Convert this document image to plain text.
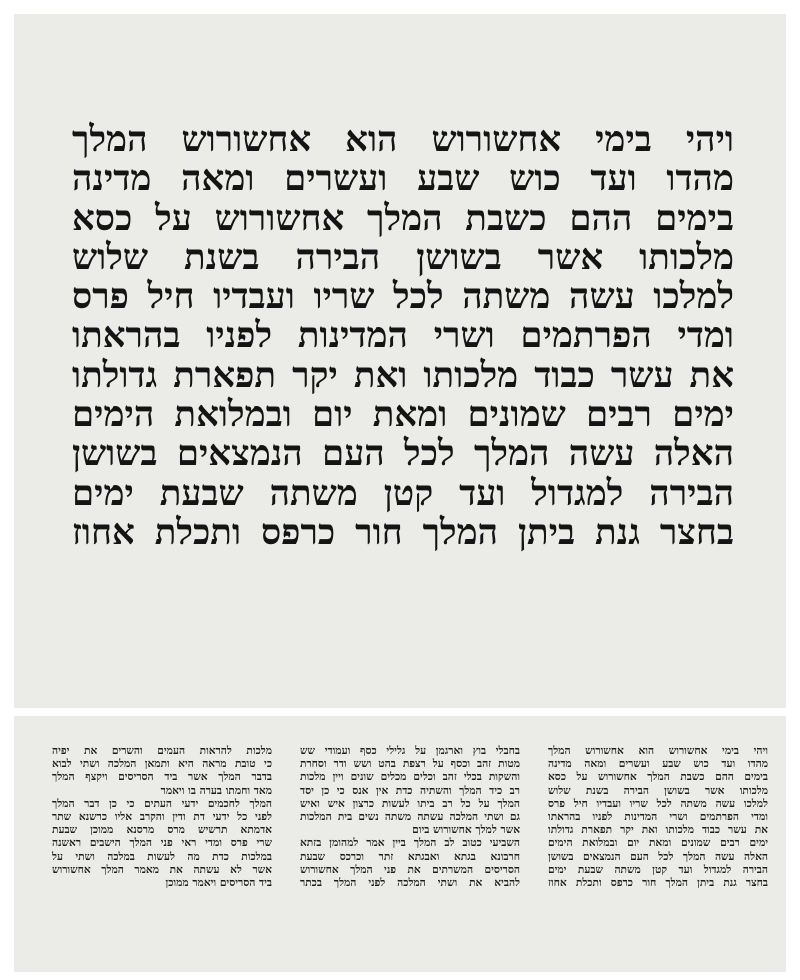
ויהי בימי אחשורוש הוא אחשורוש המלך
מהדו ועד כוש שבע ועשרים ומאה מדינה
בימים ההם כשבת המלך אחשורוש על כסא
מלכותו אשר בשושן הבירה בשנת שלוש
למלכו עשה משתה לכל שריו ועבדיו חיל פרס
ומדי הפרתמים ושרי המדינות לפניו בהראתו
את עשר כבוד מלכותו ואת יקר תפארת גדולתו
ימים רבים שמונים ומאת יום ובמלואת הימים
האלה עשה המלך לכל העם הנמצאים בשושן
הבירה למגדול ועד קטן משתה שבעת ימים
בחצר גנת ביתן המלך חור כרפס ותכלת אחוז
ויהי בימי אחשורוש הוא אחשורוש המלך
מהדו ועד כוש שבע ועשרים ומאה מדינה
בימים ההם כשבת המלך אחשורוש על כסא
מלכותו אשר בשושן הבירה בשנת שלוש
למלכו עשה משתה לכל שריו ועבדיו חיל פרס
ומדי הפרתמים ושרי המדינות לפניו בהראתו
את עשר כבוד מלכותו ואת יקר תפארת גדולתו
ימים רבים שמונים ומאת יום ובמלואת הימים
האלה עשה המלך לכל העם הנמצאים בשושן
הבירה למגדול ועד קטן משתה שבעת ימים
בחצר גנת ביתן המלך חור כרפס ותכלת אחוז
בחבלי בוץ וארגמן על גלילי כסף ועמודי שש
מטות זהב וכסף על רצפת בהט ושש ודר וסחרת
והשקות בכלי זהב וכלים מכלים שונים ויין מלכות
רב כיד המלך והשתיה כדת אין אנס כי כן יסד
המלך על כל רב ביתו לעשות כרצון איש ואיש
גם ושתי המלכה עשתה משתה נשים בית המלכות
אשר למלך אחשורוש ביום
השביעי כטוב לב המלך ביין אמר למהומן בזתא
חרבונא בגתא ואבגתא זתר וכרכס שבעת
הסריסים המשרתים את פני המלך אחשורוש
להביא את ושתי המלכה לפני המלך בכתר
מלכות להראות העמים והשרים את יפיה
כי טובת מראה היא ותמאן המלכה ושתי לבוא
בדבר המלך אשר ביד הסריסים ויקצף המלך
מאד וחמתו בערה בו ויאמר
המלך לחכמים ידעי העתים כי כן דבר המלך
לפני כל ידעי דת ודין והקרב אליו כרשנא שתר
אדמתא תרשיש מרס מרסנא ממוכן שבעת
שרי פרס ומדי ראי פני המלך הישבים ראשנה
במלכות כדת מה לעשות במלכה ושתי על
אשר לא עשתה את מאמר המלך אחשורוש
ביד הסריסים ויאמר ממוכן
